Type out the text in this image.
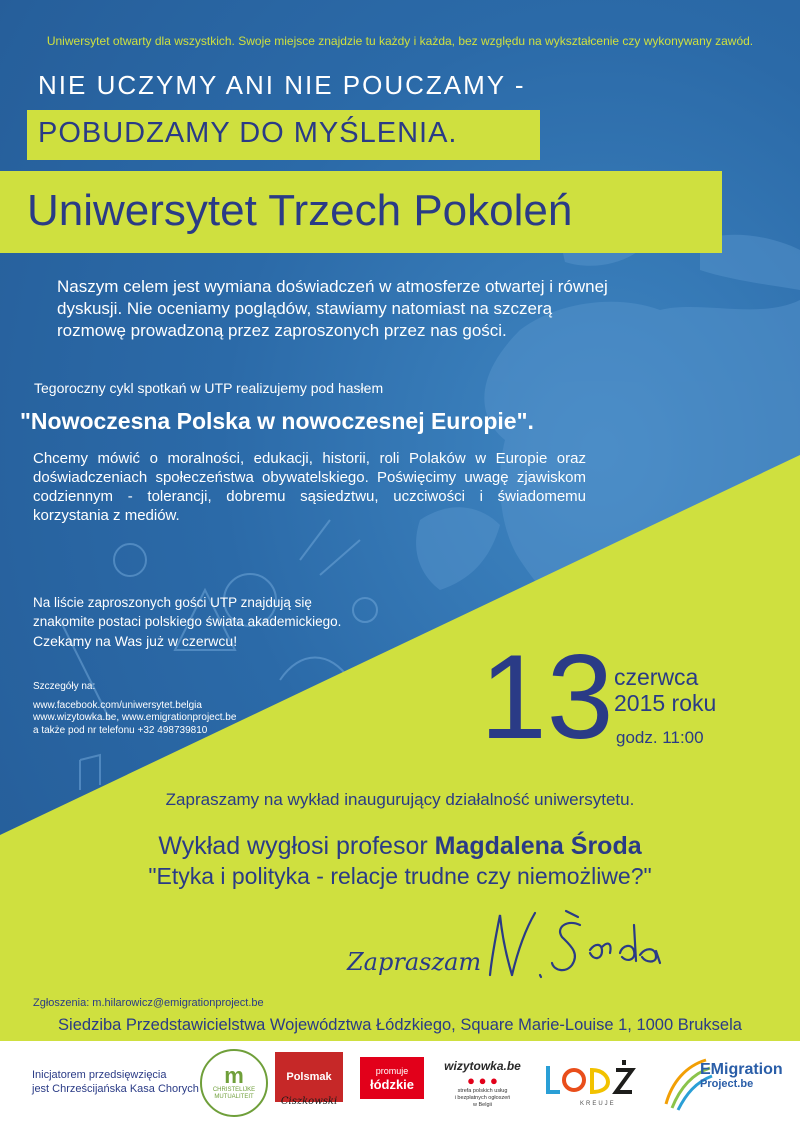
Uniwersytet otwarty dla wszystkich. Swoje miejsce znajdzie tu każdy i każda, bez względu na wykształcenie czy wykonywany zawód.
NIE UCZYMY ANI NIE POUCZAMY -
POBUDZAMY DO MYŚLENIA.
Uniwersytet Trzech Pokoleń
Naszym celem jest wymiana doświadczeń w atmosferze otwartej i równej dyskusji. Nie oceniamy poglądów, stawiamy natomiast na szczerą rozmowę prowadzoną przez zaproszonych przez nas gości.
Tegoroczny cykl spotkań w UTP realizujemy pod hasłem
"Nowoczesna Polska w nowoczesnej Europie".
Chcemy mówić o moralności, edukacji, historii, roli Polaków w Europie oraz doświadczeniach społeczeństwa obywatelskiego. Poświęcimy uwagę zjawiskom codziennym - tolerancji, dobremu sąsiedztwu, uczciwości i świadomemu korzystania z mediów.
Na liście zaproszonych gości UTP znajdują się
znakomite postaci polskiego świata akademickiego.
Czekamy na Was już w czerwcu!
Szczegóły na:
www.facebook.com/uniwersytet.belgia
www.wizytowka.be, www.emigrationproject.be
a także pod nr telefonu +32 498739810 13 czerwca
2015 roku
godz. 11:00
Zapraszamy na wykład inaugurujący działalność uniwersytetu.
Wykład wygłosi profesor Magdalena Środa
"Etyka i polityka - relacje trudne czy niemożliwe?"
Zapraszam
Zgłoszenia: m.hilarowicz@emigrationproject.be
Siedziba Przedstawicielstwa Województwa Łódzkiego, Square Marie-Louise 1, 1000 Bruksela
Inicjatorem przedsięwzięcia
jest Chrześcijańska Kasa Chorych
m
CHRISTELIJKE
MUTUALITEIT
Polsmak
Ciszkowski
promuje
łódzkie
wizytowka.be
● ● ●
strefa polskich usług
i bezpłatnych ogłoszeń
w Belgii	KREUJE
EMigration
Project.be
